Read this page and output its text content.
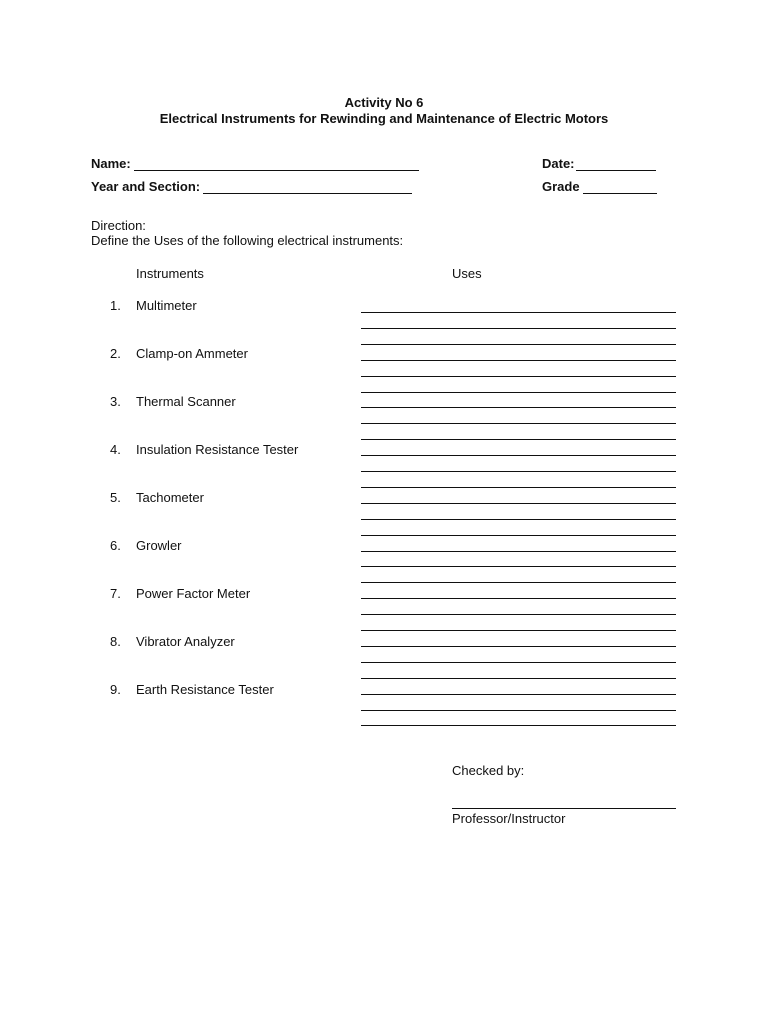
Activity No 6
Electrical Instruments for Rewinding and Maintenance of Electric Motors
Name:	Date:
Year and Section:	Grade
Direction:
Define the Uses of the following electrical instruments:
Instruments	Uses
1.	Multimeter
2.	Clamp-on Ammeter
3.	Thermal Scanner
4.	Insulation Resistance Tester
5.	Tachometer
6.	Growler
7.	Power Factor Meter
8.	Vibrator Analyzer
9.	Earth Resistance Tester
Checked by:
Professor/Instructor
